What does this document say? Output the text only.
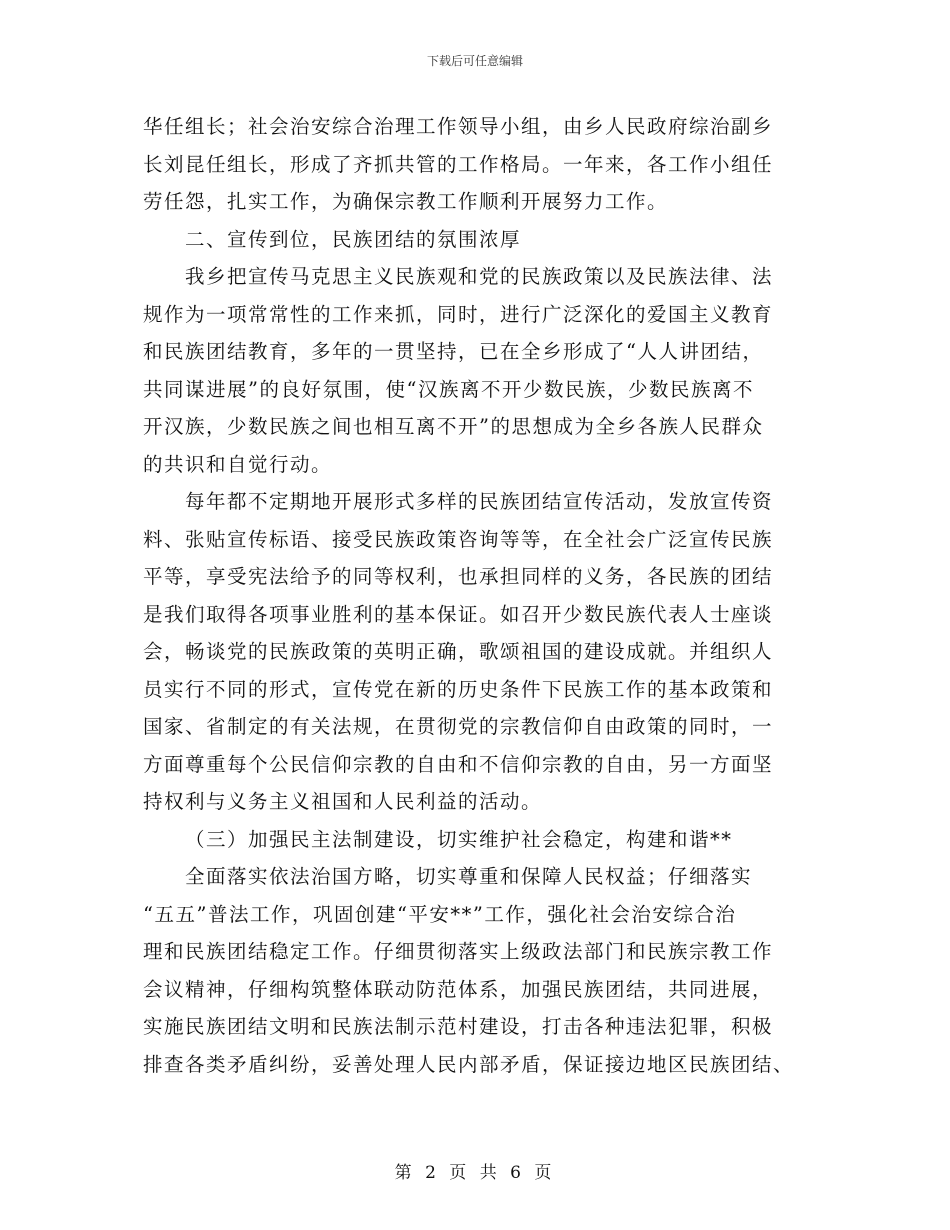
下载后可任意编辑
华任组长；社会治安综合治理工作领导小组，由乡人民政府综治副乡
长刘昆任组长，形成了齐抓共管的工作格局。一年来，各工作小组任
劳任怨，扎实工作，为确保宗教工作顺利开展努力工作。
二、宣传到位，民族团结的氛围浓厚
我乡把宣传马克思主义民族观和党的民族政策以及民族法律、法
规作为一项常常性的工作来抓，同时，进行广泛深化的爱国主义教育
和民族团结教育，多年的一贯坚持，已在全乡形成了“人人讲团结，
共同谋进展”的良好氛围，使“汉族离不开少数民族，少数民族离不
开汉族，少数民族之间也相互离不开”的思想成为全乡各族人民群众
的共识和自觉行动。
每年都不定期地开展形式多样的民族团结宣传活动，发放宣传资
料、张贴宣传标语、接受民族政策咨询等等，在全社会广泛宣传民族
平等，享受宪法给予的同等权利，也承担同样的义务，各民族的团结
是我们取得各项事业胜利的基本保证。如召开少数民族代表人士座谈
会，畅谈党的民族政策的英明正确，歌颂祖国的建设成就。并组织人
员实行不同的形式，宣传党在新的历史条件下民族工作的基本政策和
国家、省制定的有关法规，在贯彻党的宗教信仰自由政策的同时，一
方面尊重每个公民信仰宗教的自由和不信仰宗教的自由，另一方面坚
持权利与义务主义祖国和人民利益的活动。
（三）加强民主法制建设，切实维护社会稳定，构建和谐**
全面落实依法治国方略，切实尊重和保障人民权益；仔细落实
“五五”普法工作，巩固创建“平安**”工作，强化社会治安综合治
理和民族团结稳定工作。仔细贯彻落实上级政法部门和民族宗教工作
会议精神，仔细构筑整体联动防范体系，加强民族团结，共同进展，
实施民族团结文明和民族法制示范村建设，打击各种违法犯罪，积极
排查各类矛盾纠纷，妥善处理人民内部矛盾，保证接边地区民族团结、
第 2 页 共 6 页
